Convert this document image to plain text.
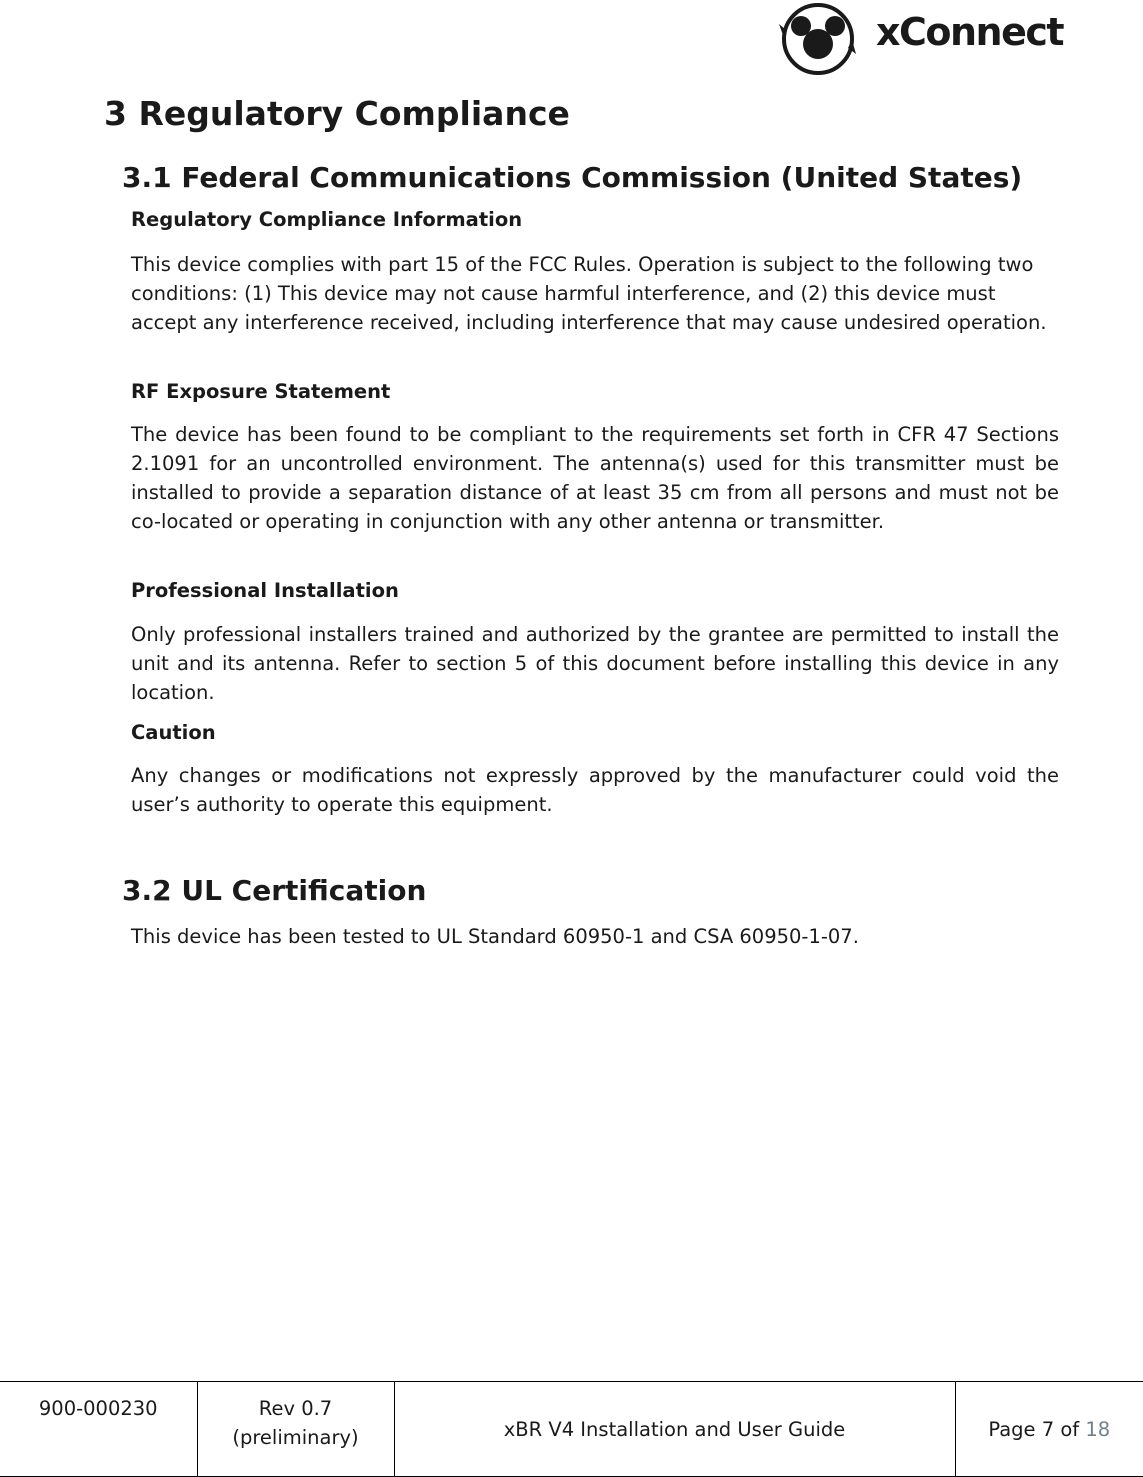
xConnect
3 Regulatory Compliance
3.1 Federal Communications Commission (United States)
Regulatory Compliance Information

This device complies with part 15 of the FCC Rules. Operation is subject to the following two conditions: (1) This device may not cause harmful interference, and (2) this device must accept any interference received, including interference that may cause undesired operation.

RF Exposure Statement

The device has been found to be compliant to the requirements set forth in CFR 47 Sections 2.1091 for an uncontrolled environment. The antenna(s) used for this transmitter must be installed to provide a separation distance of at least 35 cm from all persons and must not be co-located or operating in conjunction with any other antenna or transmitter.

Professional Installation

Only professional installers trained and authorized by the grantee are permitted to install the unit and its antenna. Refer to section 5 of this document before installing this device in any location.

Caution

Any changes or modifications not expressly approved by the manufacturer could void the user’s authority to operate this equipment.

3.2 UL Certification

This device has been tested to UL Standard 60950-1 and CSA 60950-1-07.

900-000230	Rev 0.7
(preliminary)	xBR V4 Installation and User Guide	Page 7 of 18
